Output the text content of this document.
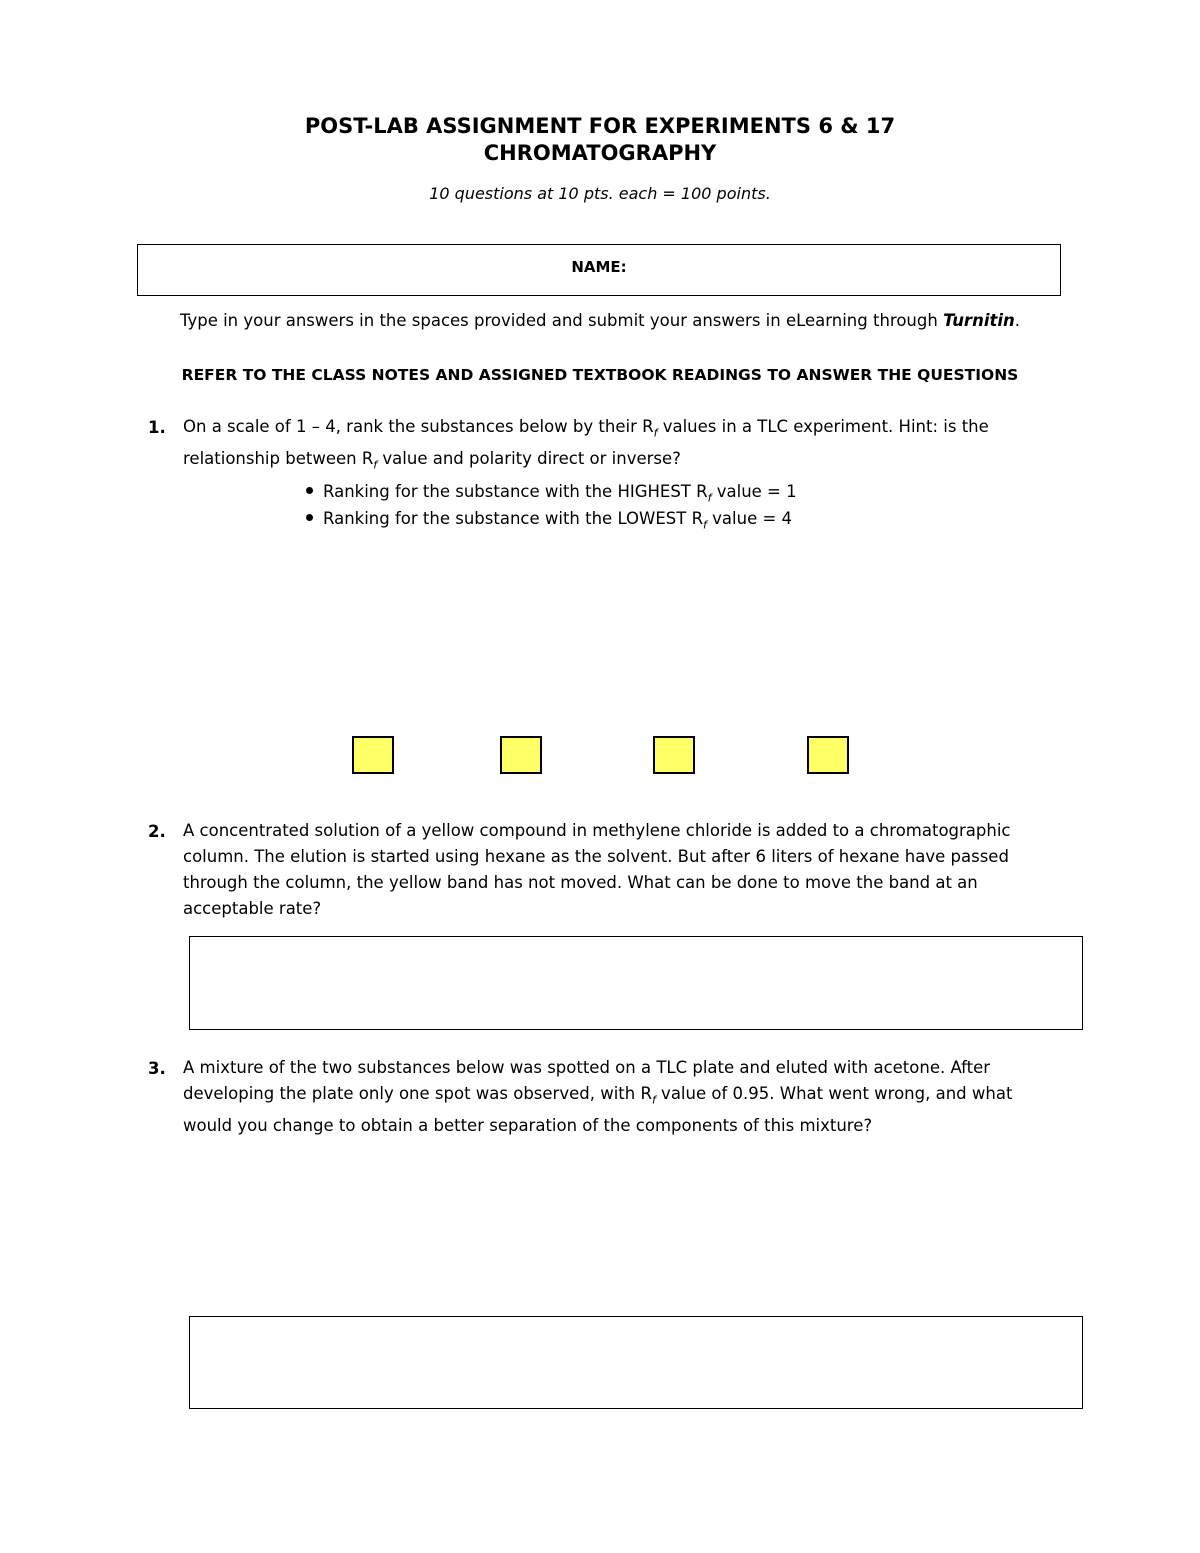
POST-LAB ASSIGNMENT FOR EXPERIMENTS 6 & 17
CHROMATOGRAPHY
10 questions at 10 pts. each = 100 points.
NAME:
Type in your answers in the spaces provided and submit your answers in eLearning through Turnitin.
REFER TO THE CLASS NOTES AND ASSIGNED TEXTBOOK READINGS TO ANSWER THE QUESTIONS
1. On a scale of 1 – 4, rank the substances below by their $R_f$ values in a TLC experiment. Hint: is the
relationship between $R_f$ value and polarity direct or inverse?
Ranking for the substance with the HIGHEST $R_f$ value = 1
Ranking for the substance with the LOWEST $R_f$ value = 4
2. A concentrated solution of a yellow compound in methylene chloride is added to a chromatographic
column. The elution is started using hexane as the solvent. But after 6 liters of hexane have passed
through the column, the yellow band has not moved. What can be done to move the band at an
acceptable rate?
3. A mixture of the two substances below was spotted on a TLC plate and eluted with acetone. After
developing the plate only one spot was observed, with $R_f$ value of 0.95. What went wrong, and what
would you change to obtain a better separation of the components of this mixture?
